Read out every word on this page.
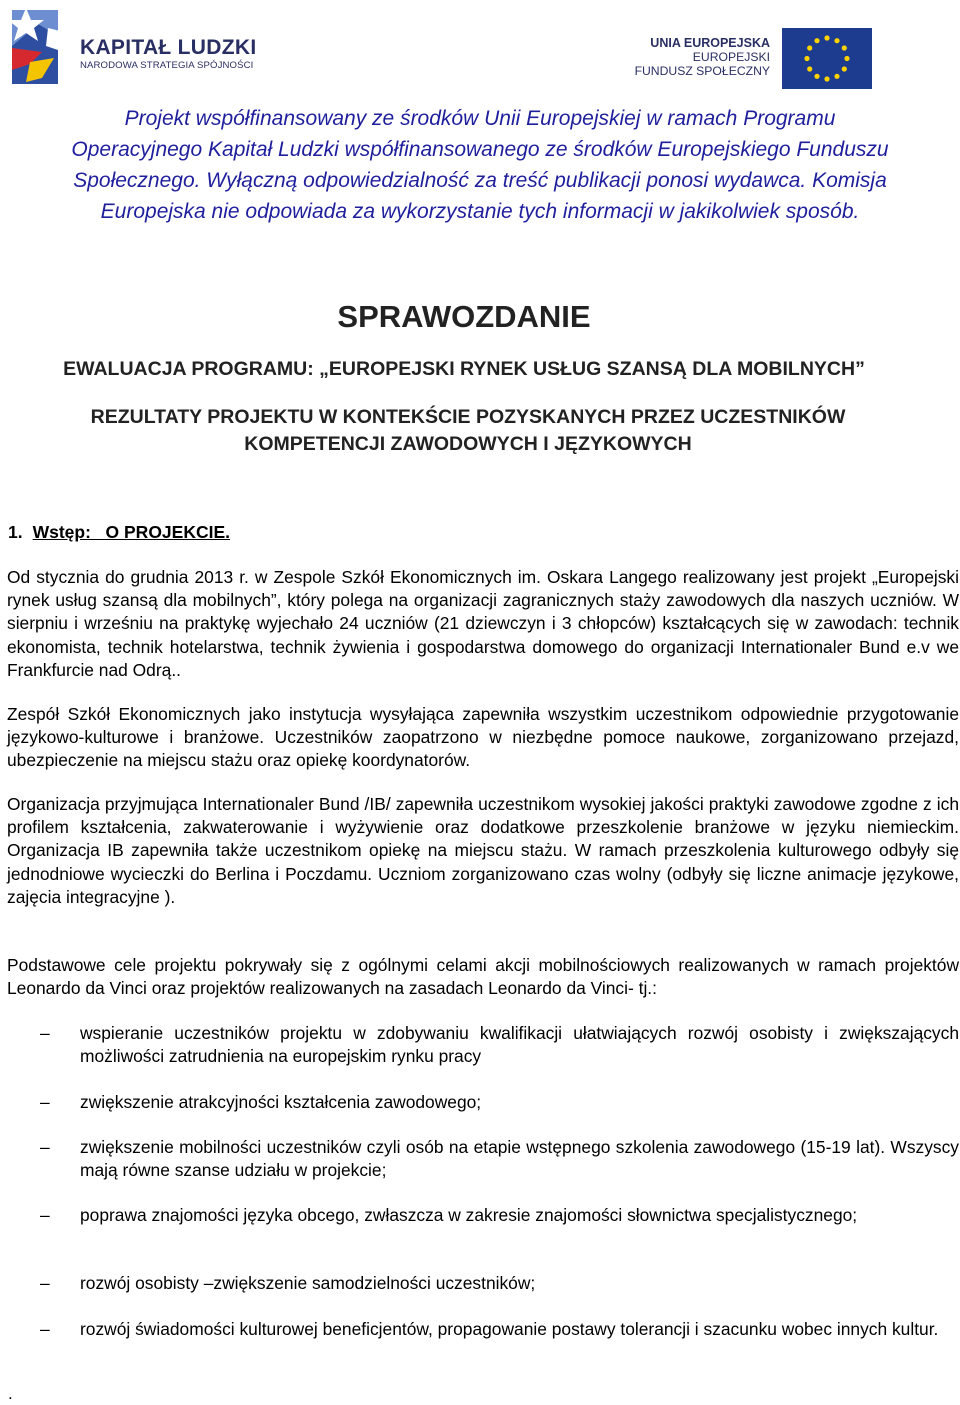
KAPITAŁ LUDZKI
NARODOWA STRATEGIA SPÓJNOŚCI
UNIA EUROPEJSKA
EUROPEJSKI
FUNDUSZ SPOŁECZNY
Projekt współfinansowany ze środków Unii Europejskiej w ramach Programu
Operacyjnego Kapitał Ludzki współfinansowanego ze środków Europejskiego Funduszu
Społecznego. Wyłączną odpowiedzialność za treść publikacji ponosi wydawca. Komisja
Europejska nie odpowiada za wykorzystanie tych informacji w jakikolwiek sposób.
SPRAWOZDANIE
EWALUACJA PROGRAMU: „EUROPEJSKI RYNEK USŁUG SZANSĄ DLA MOBILNYCH”
REZULTATY PROJEKTU W KONTEKŚCIE POZYSKANYCH PRZEZ UCZESTNIKÓW
KOMPETENCJI ZAWODOWYCH I JĘZYKOWYCH
1. Wstęp: O PROJEKCIE.
Od stycznia do grudnia 2013 r. w Zespole Szkół Ekonomicznych im. Oskara Langego realizowany jest projekt „Europejski rynek usług szansą dla mobilnych”, który polega na organizacji zagranicznych staży zawodowych dla naszych uczniów. W sierpniu i wrześniu na praktykę wyjechało 24 uczniów (21 dziewczyn i 3 chłopców) kształcących się w zawodach: technik ekonomista, technik hotelarstwa, technik żywienia i gospodarstwa domowego do organizacji Internationaler Bund e.v we Frankfurcie nad Odrą..
Zespół Szkół Ekonomicznych jako instytucja wysyłająca zapewniła wszystkim uczestnikom odpowiednie przygotowanie językowo-kulturowe i branżowe. Uczestników zaopatrzono w niezbędne pomoce naukowe, zorganizowano przejazd, ubezpieczenie na miejscu stażu oraz opiekę koordynatorów.
Organizacja przyjmująca Internationaler Bund /IB/ zapewniła uczestnikom wysokiej jakości praktyki zawodowe zgodne z ich profilem kształcenia, zakwaterowanie i wyżywienie oraz dodatkowe przeszkolenie branżowe w języku niemieckim. Organizacja IB zapewniła także uczestnikom opiekę na miejscu stażu. W ramach przeszkolenia kulturowego odbyły się jednodniowe wycieczki do Berlina i Poczdamu. Uczniom zorganizowano czas wolny (odbyły się liczne animacje językowe, zajęcia integracyjne ).
Podstawowe cele projektu pokrywały się z ogólnymi celami akcji mobilnościowych realizowanych w ramach projektów Leonardo da Vinci oraz projektów realizowanych na zasadach Leonardo da Vinci- tj.:
– wspieranie uczestników projektu w zdobywaniu kwalifikacji ułatwiających rozwój osobisty i zwiększających możliwości zatrudnienia na europejskim rynku pracy
– zwiększenie atrakcyjności kształcenia zawodowego;
– zwiększenie mobilności uczestników czyli osób na etapie wstępnego szkolenia zawodowego (15-19 lat). Wszyscy mają równe szanse udziału w projekcie;
– poprawa znajomości języka obcego, zwłaszcza w zakresie znajomości słownictwa specjalistycznego;
– rozwój osobisty –zwiększenie samodzielności uczestników;
– rozwój świadomości kulturowej beneficjentów, propagowanie postawy tolerancji i szacunku wobec innych kultur.
.
